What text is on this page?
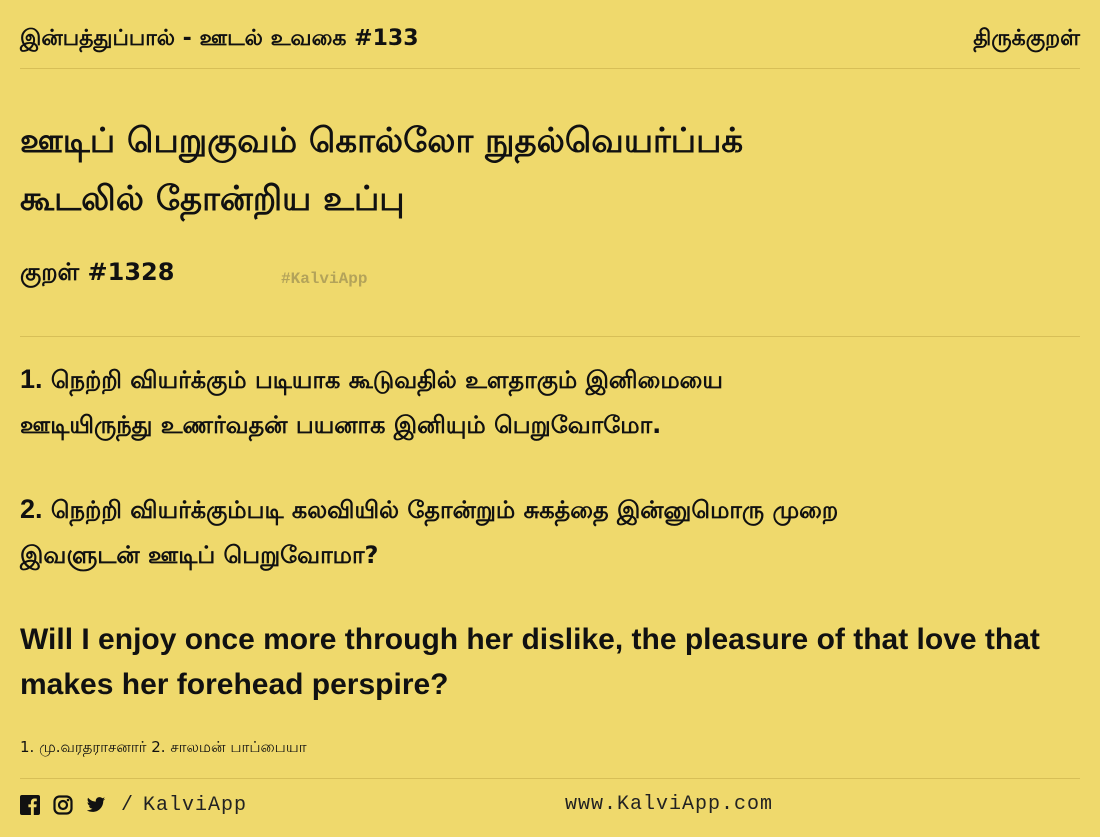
இன்பத்துப்பால் - ஊடல் உவகை #133	திருக்குறள்
ஊடிப் பெறுகுவம் கொல்லோ நுதல்வெயர்ப்பக்
கூடலில் தோன்றிய உப்பு
குறள் #1328	#KalviApp
1. நெற்றி வியர்க்கும் படியாக கூடுவதில் உளதாகும் இனிமையை
ஊடியிருந்து உணர்வதன் பயனாக இனியும் பெறுவோமோ.
2. நெற்றி வியர்க்கும்படி கலவியில் தோன்றும் சுகத்தை இன்னுமொரு முறை
இவளுடன் ஊடிப் பெறுவோமா?
Will I enjoy once more through her dislike, the pleasure of that love that
makes her forehead perspire?
1. மு.வரதராசனார் 2. சாலமன் பாப்பையா
/ KalviApp	www.KalviApp.com
